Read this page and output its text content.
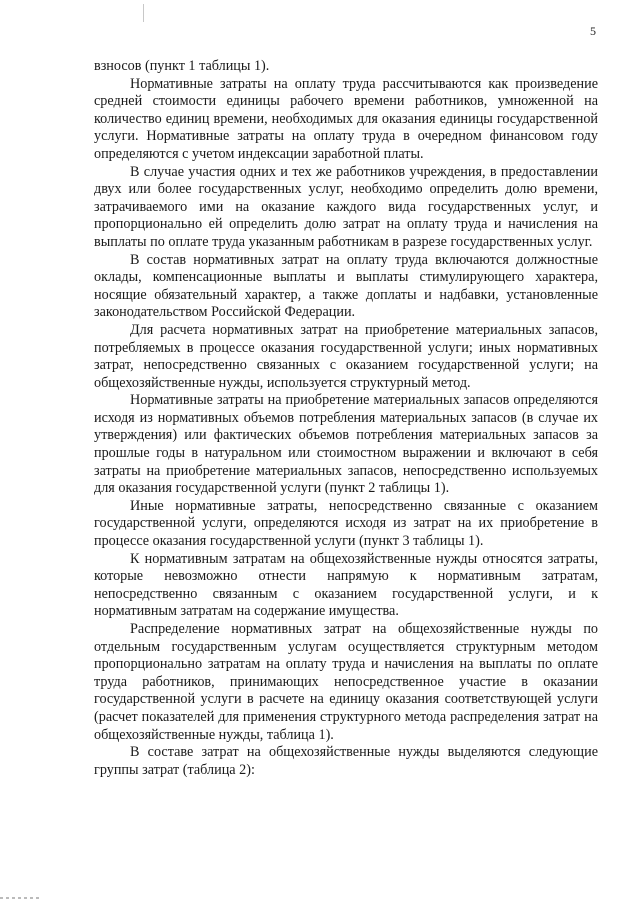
5

взносов (пункт 1 таблицы 1).

Нормативные затраты на оплату труда рассчитываются как произведение средней стоимости единицы рабочего времени работников, умноженной на количество единиц времени, необходимых для оказания единицы государственной услуги. Нормативные затраты на оплату труда в очередном финансовом году определяются с учетом индексации заработной платы.

В случае участия одних и тех же работников учреждения, в предоставлении двух или более государственных услуг, необходимо определить долю времени, затрачиваемого ими на оказание каждого вида государственных услуг, и пропорционально ей определить долю затрат на оплату труда и начисления на выплаты по оплате труда указанным работникам в разрезе государственных услуг.

В состав нормативных затрат на оплату труда включаются должностные оклады, компенсационные выплаты и выплаты стимулирующего характера, носящие обязательный характер, а также доплаты и надбавки, установленные законодательством Российской Федерации.

Для расчета нормативных затрат на приобретение материальных запасов, потребляемых в процессе оказания государственной услуги; иных нормативных затрат, непосредственно связанных с оказанием государственной услуги; на общехозяйственные нужды, используется структурный метод.

Нормативные затраты на приобретение материальных запасов определяются исходя из нормативных объемов потребления материальных запасов (в случае их утверждения) или фактических объемов потребления материальных запасов за прошлые годы в натуральном или стоимостном выражении и включают в себя затраты на приобретение материальных запасов, непосредственно используемых для оказания государственной услуги (пункт 2 таблицы 1).

Иные нормативные затраты, непосредственно связанные с оказанием государственной услуги, определяются исходя из затрат на их приобретение в процессе оказания государственной услуги (пункт 3 таблицы 1).

К нормативным затратам на общехозяйственные нужды относятся затраты, которые невозможно отнести напрямую к нормативным затратам, непосредственно связанным с оказанием государственной услуги, и к нормативным затратам на содержание имущества.

Распределение нормативных затрат на общехозяйственные нужды по отдельным государственным услугам осуществляется структурным методом пропорционально затратам на оплату труда и начисления на выплаты по оплате труда работников, принимающих непосредственное участие в оказании государственной услуги в расчете на единицу оказания соответствующей услуги (расчет показателей для применения структурного метода распределения затрат на общехозяйственные нужды, таблица 1).

В составе затрат на общехозяйственные нужды выделяются следующие группы затрат (таблица 2):
